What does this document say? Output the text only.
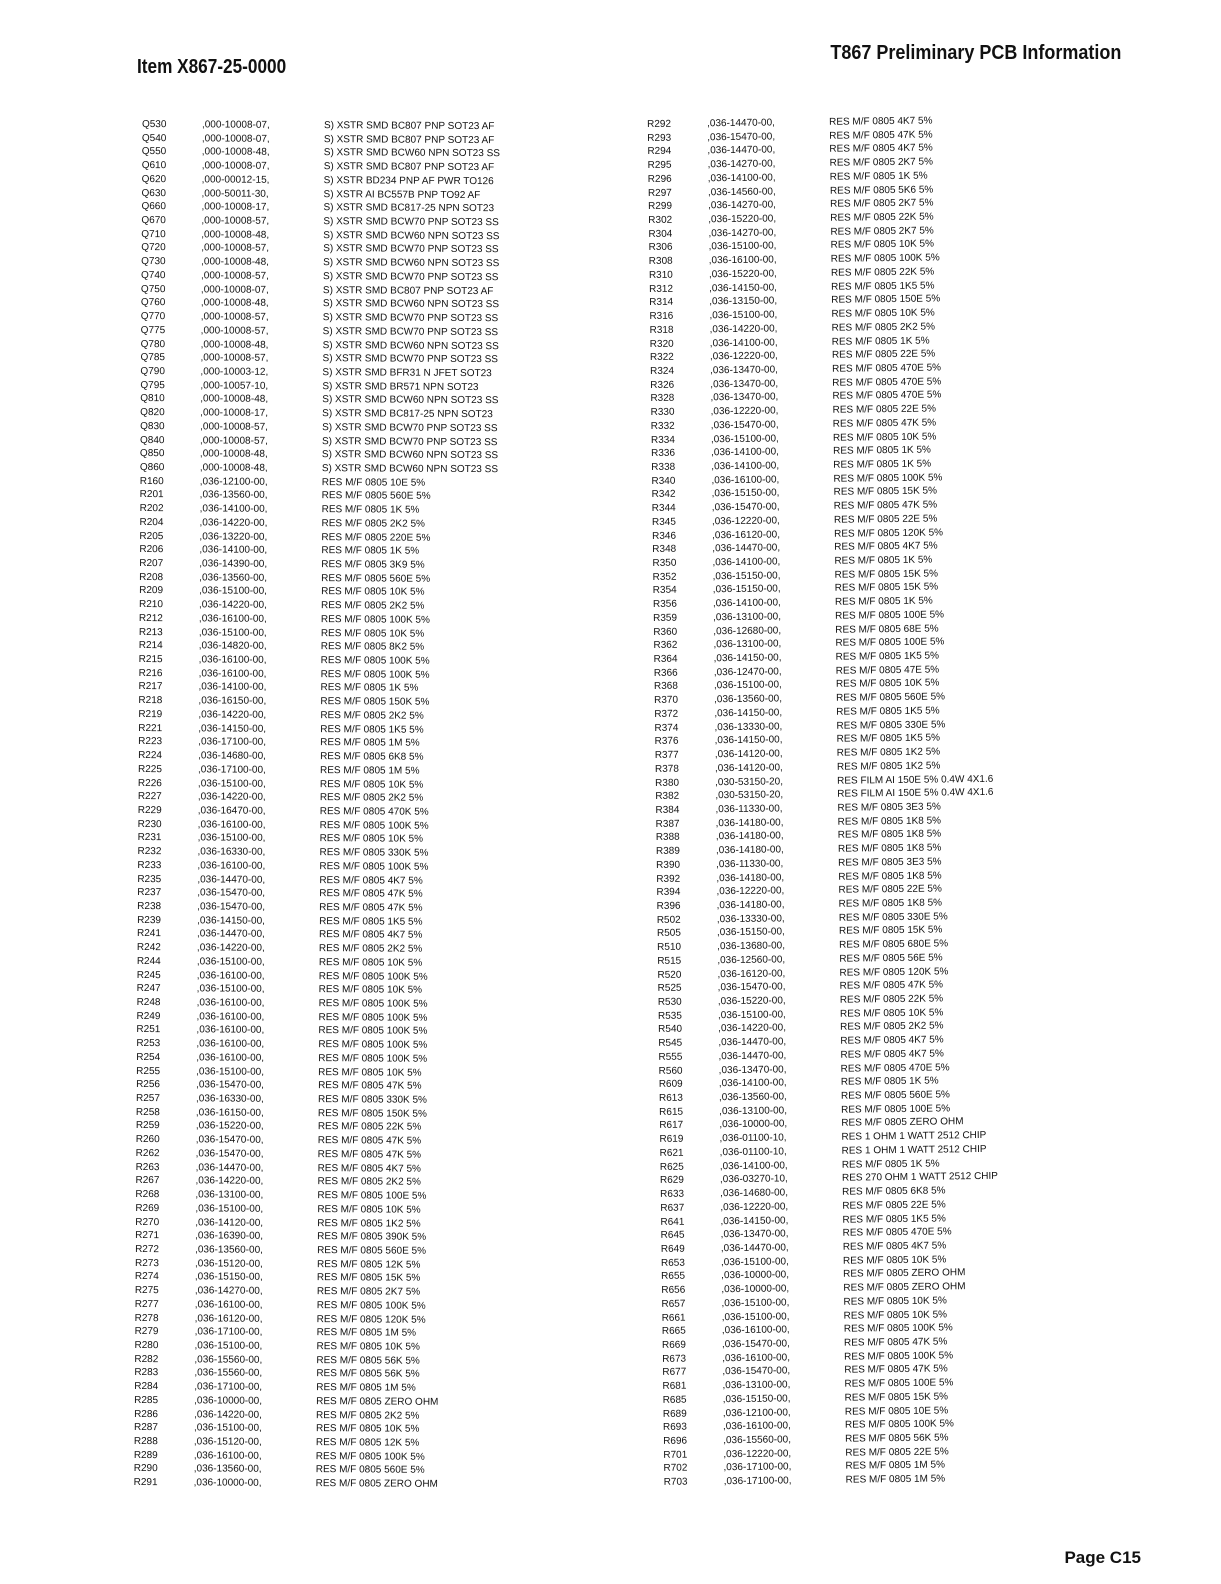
Item X867-25-0000
T867 Preliminary PCB Information
Q530	,000-10008-07,	S) XSTR SMD BC807 PNP SOT23 AF
Q540	,000-10008-07,	S) XSTR SMD BC807 PNP SOT23 AF
Q550	,000-10008-48,	S) XSTR SMD BCW60 NPN SOT23 SS
Q610	,000-10008-07,	S) XSTR SMD BC807 PNP SOT23 AF
Q620	,000-00012-15,	S) XSTR BD234 PNP AF PWR TO126
Q630	,000-50011-30,	S) XSTR AI BC557B PNP TO92 AF
Q660	,000-10008-17,	S) XSTR SMD BC817-25 NPN SOT23
Q670	,000-10008-57,	S) XSTR SMD BCW70 PNP SOT23 SS
Q710	,000-10008-48,	S) XSTR SMD BCW60 NPN SOT23 SS
Q720	,000-10008-57,	S) XSTR SMD BCW70 PNP SOT23 SS
Q730	,000-10008-48,	S) XSTR SMD BCW60 NPN SOT23 SS
Q740	,000-10008-57,	S) XSTR SMD BCW70 PNP SOT23 SS
Q750	,000-10008-07,	S) XSTR SMD BC807 PNP SOT23 AF
Q760	,000-10008-48,	S) XSTR SMD BCW60 NPN SOT23 SS
Q770	,000-10008-57,	S) XSTR SMD BCW70 PNP SOT23 SS
Q775	,000-10008-57,	S) XSTR SMD BCW70 PNP SOT23 SS
Q780	,000-10008-48,	S) XSTR SMD BCW60 NPN SOT23 SS
Q785	,000-10008-57,	S) XSTR SMD BCW70 PNP SOT23 SS
Q790	,000-10003-12,	S) XSTR SMD BFR31 N JFET SOT23
Q795	,000-10057-10,	S) XSTR SMD BR571 NPN SOT23
Q810	,000-10008-48,	S) XSTR SMD BCW60 NPN SOT23 SS
Q820	,000-10008-17,	S) XSTR SMD BC817-25 NPN SOT23
Q830	,000-10008-57,	S) XSTR SMD BCW70 PNP SOT23 SS
Q840	,000-10008-57,	S) XSTR SMD BCW70 PNP SOT23 SS
Q850	,000-10008-48,	S) XSTR SMD BCW60 NPN SOT23 SS
Q860	,000-10008-48,	S) XSTR SMD BCW60 NPN SOT23 SS
R160	,036-12100-00,	RES M/F 0805 10E 5%
R201	,036-13560-00,	RES M/F 0805 560E 5%
R202	,036-14100-00,	RES M/F 0805 1K 5%
R204	,036-14220-00,	RES M/F 0805 2K2 5%
R205	,036-13220-00,	RES M/F 0805 220E 5%
R206	,036-14100-00,	RES M/F 0805 1K 5%
R207	,036-14390-00,	RES M/F 0805 3K9 5%
R208	,036-13560-00,	RES M/F 0805 560E 5%
R209	,036-15100-00,	RES M/F 0805 10K 5%
R210	,036-14220-00,	RES M/F 0805 2K2 5%
R212	,036-16100-00,	RES M/F 0805 100K 5%
R213	,036-15100-00,	RES M/F 0805 10K 5%
R214	,036-14820-00,	RES M/F 0805 8K2 5%
R215	,036-16100-00,	RES M/F 0805 100K 5%
R216	,036-16100-00,	RES M/F 0805 100K 5%
R217	,036-14100-00,	RES M/F 0805 1K 5%
R218	,036-16150-00,	RES M/F 0805 150K 5%
R219	,036-14220-00,	RES M/F 0805 2K2 5%
R221	,036-14150-00,	RES M/F 0805 1K5 5%
R223	,036-17100-00,	RES M/F 0805 1M 5%
R224	,036-14680-00,	RES M/F 0805 6K8 5%
R225	,036-17100-00,	RES M/F 0805 1M 5%
R226	,036-15100-00,	RES M/F 0805 10K 5%
R227	,036-14220-00,	RES M/F 0805 2K2 5%
R229	,036-16470-00,	RES M/F 0805 470K 5%
R230	,036-16100-00,	RES M/F 0805 100K 5%
R231	,036-15100-00,	RES M/F 0805 10K 5%
R232	,036-16330-00,	RES M/F 0805 330K 5%
R233	,036-16100-00,	RES M/F 0805 100K 5%
R235	,036-14470-00,	RES M/F 0805 4K7 5%
R237	,036-15470-00,	RES M/F 0805 47K 5%
R238	,036-15470-00,	RES M/F 0805 47K 5%
R239	,036-14150-00,	RES M/F 0805 1K5 5%
R241	,036-14470-00,	RES M/F 0805 4K7 5%
R242	,036-14220-00,	RES M/F 0805 2K2 5%
R244	,036-15100-00,	RES M/F 0805 10K 5%
R245	,036-16100-00,	RES M/F 0805 100K 5%
R247	,036-15100-00,	RES M/F 0805 10K 5%
R248	,036-16100-00,	RES M/F 0805 100K 5%
R249	,036-16100-00,	RES M/F 0805 100K 5%
R251	,036-16100-00,	RES M/F 0805 100K 5%
R253	,036-16100-00,	RES M/F 0805 100K 5%
R254	,036-16100-00,	RES M/F 0805 100K 5%
R255	,036-15100-00,	RES M/F 0805 10K 5%
R256	,036-15470-00,	RES M/F 0805 47K 5%
R257	,036-16330-00,	RES M/F 0805 330K 5%
R258	,036-16150-00,	RES M/F 0805 150K 5%
R259	,036-15220-00,	RES M/F 0805 22K 5%
R260	,036-15470-00,	RES M/F 0805 47K 5%
R262	,036-15470-00,	RES M/F 0805 47K 5%
R263	,036-14470-00,	RES M/F 0805 4K7 5%
R267	,036-14220-00,	RES M/F 0805 2K2 5%
R268	,036-13100-00,	RES M/F 0805 100E 5%
R269	,036-15100-00,	RES M/F 0805 10K 5%
R270	,036-14120-00,	RES M/F 0805 1K2 5%
R271	,036-16390-00,	RES M/F 0805 390K 5%
R272	,036-13560-00,	RES M/F 0805 560E 5%
R273	,036-15120-00,	RES M/F 0805 12K 5%
R274	,036-15150-00,	RES M/F 0805 15K 5%
R275	,036-14270-00,	RES M/F 0805 2K7 5%
R277	,036-16100-00,	RES M/F 0805 100K 5%
R278	,036-16120-00,	RES M/F 0805 120K 5%
R279	,036-17100-00,	RES M/F 0805 1M 5%
R280	,036-15100-00,	RES M/F 0805 10K 5%
R282	,036-15560-00,	RES M/F 0805 56K 5%
R283	,036-15560-00,	RES M/F 0805 56K 5%
R284	,036-17100-00,	RES M/F 0805 1M 5%
R285	,036-10000-00,	RES M/F 0805 ZERO OHM
R286	,036-14220-00,	RES M/F 0805 2K2 5%
R287	,036-15100-00,	RES M/F 0805 10K 5%
R288	,036-15120-00,	RES M/F 0805 12K 5%
R289	,036-16100-00,	RES M/F 0805 100K 5%
R290	,036-13560-00,	RES M/F 0805 560E 5%
R291	,036-10000-00,	RES M/F 0805 ZERO OHM
R292	,036-14470-00,	RES M/F 0805 4K7 5%
R293	,036-15470-00,	RES M/F 0805 47K 5%
R294	,036-14470-00,	RES M/F 0805 4K7 5%
R295	,036-14270-00,	RES M/F 0805 2K7 5%
R296	,036-14100-00,	RES M/F 0805 1K 5%
R297	,036-14560-00,	RES M/F 0805 5K6 5%
R299	,036-14270-00,	RES M/F 0805 2K7 5%
R302	,036-15220-00,	RES M/F 0805 22K 5%
R304	,036-14270-00,	RES M/F 0805 2K7 5%
R306	,036-15100-00,	RES M/F 0805 10K 5%
R308	,036-16100-00,	RES M/F 0805 100K 5%
R310	,036-15220-00,	RES M/F 0805 22K 5%
R312	,036-14150-00,	RES M/F 0805 1K5 5%
R314	,036-13150-00,	RES M/F 0805 150E 5%
R316	,036-15100-00,	RES M/F 0805 10K 5%
R318	,036-14220-00,	RES M/F 0805 2K2 5%
R320	,036-14100-00,	RES M/F 0805 1K 5%
R322	,036-12220-00,	RES M/F 0805 22E 5%
R324	,036-13470-00,	RES M/F 0805 470E 5%
R326	,036-13470-00,	RES M/F 0805 470E 5%
R328	,036-13470-00,	RES M/F 0805 470E 5%
R330	,036-12220-00,	RES M/F 0805 22E 5%
R332	,036-15470-00,	RES M/F 0805 47K 5%
R334	,036-15100-00,	RES M/F 0805 10K 5%
R336	,036-14100-00,	RES M/F 0805 1K 5%
R338	,036-14100-00,	RES M/F 0805 1K 5%
R340	,036-16100-00,	RES M/F 0805 100K 5%
R342	,036-15150-00,	RES M/F 0805 15K 5%
R344	,036-15470-00,	RES M/F 0805 47K 5%
R345	,036-12220-00,	RES M/F 0805 22E 5%
R346	,036-16120-00,	RES M/F 0805 120K 5%
R348	,036-14470-00,	RES M/F 0805 4K7 5%
R350	,036-14100-00,	RES M/F 0805 1K 5%
R352	,036-15150-00,	RES M/F 0805 15K 5%
R354	,036-15150-00,	RES M/F 0805 15K 5%
R356	,036-14100-00,	RES M/F 0805 1K 5%
R359	,036-13100-00,	RES M/F 0805 100E 5%
R360	,036-12680-00,	RES M/F 0805 68E 5%
R362	,036-13100-00,	RES M/F 0805 100E 5%
R364	,036-14150-00,	RES M/F 0805 1K5 5%
R366	,036-12470-00,	RES M/F 0805 47E 5%
R368	,036-15100-00,	RES M/F 0805 10K 5%
R370	,036-13560-00,	RES M/F 0805 560E 5%
R372	,036-14150-00,	RES M/F 0805 1K5 5%
R374	,036-13330-00,	RES M/F 0805 330E 5%
R376	,036-14150-00,	RES M/F 0805 1K5 5%
R377	,036-14120-00,	RES M/F 0805 1K2 5%
R378	,036-14120-00,	RES M/F 0805 1K2 5%
R380	,030-53150-20,	RES FILM AI 150E 5% 0.4W 4X1.6
R382	,030-53150-20,	RES FILM AI 150E 5% 0.4W 4X1.6
R384	,036-11330-00,	RES M/F 0805 3E3 5%
R387	,036-14180-00,	RES M/F 0805 1K8 5%
R388	,036-14180-00,	RES M/F 0805 1K8 5%
R389	,036-14180-00,	RES M/F 0805 1K8 5%
R390	,036-11330-00,	RES M/F 0805 3E3 5%
R392	,036-14180-00,	RES M/F 0805 1K8 5%
R394	,036-12220-00,	RES M/F 0805 22E 5%
R396	,036-14180-00,	RES M/F 0805 1K8 5%
R502	,036-13330-00,	RES M/F 0805 330E 5%
R505	,036-15150-00,	RES M/F 0805 15K 5%
R510	,036-13680-00,	RES M/F 0805 680E 5%
R515	,036-12560-00,	RES M/F 0805 56E 5%
R520	,036-16120-00,	RES M/F 0805 120K 5%
R525	,036-15470-00,	RES M/F 0805 47K 5%
R530	,036-15220-00,	RES M/F 0805 22K 5%
R535	,036-15100-00,	RES M/F 0805 10K 5%
R540	,036-14220-00,	RES M/F 0805 2K2 5%
R545	,036-14470-00,	RES M/F 0805 4K7 5%
R555	,036-14470-00,	RES M/F 0805 4K7 5%
R560	,036-13470-00,	RES M/F 0805 470E 5%
R609	,036-14100-00,	RES M/F 0805 1K 5%
R613	,036-13560-00,	RES M/F 0805 560E 5%
R615	,036-13100-00,	RES M/F 0805 100E 5%
R617	,036-10000-00,	RES M/F 0805 ZERO OHM
R619	,036-01100-10,	RES 1 OHM 1 WATT 2512 CHIP
R621	,036-01100-10,	RES 1 OHM 1 WATT 2512 CHIP
R625	,036-14100-00,	RES M/F 0805 1K 5%
R629	,036-03270-10,	RES 270 OHM 1 WATT 2512 CHIP
R633	,036-14680-00,	RES M/F 0805 6K8 5%
R637	,036-12220-00,	RES M/F 0805 22E 5%
R641	,036-14150-00,	RES M/F 0805 1K5 5%
R645	,036-13470-00,	RES M/F 0805 470E 5%
R649	,036-14470-00,	RES M/F 0805 4K7 5%
R653	,036-15100-00,	RES M/F 0805 10K 5%
R655	,036-10000-00,	RES M/F 0805 ZERO OHM
R656	,036-10000-00,	RES M/F 0805 ZERO OHM
R657	,036-15100-00,	RES M/F 0805 10K 5%
R661	,036-15100-00,	RES M/F 0805 10K 5%
R665	,036-16100-00,	RES M/F 0805 100K 5%
R669	,036-15470-00,	RES M/F 0805 47K 5%
R673	,036-16100-00,	RES M/F 0805 100K 5%
R677	,036-15470-00,	RES M/F 0805 47K 5%
R681	,036-13100-00,	RES M/F 0805 100E 5%
R685	,036-15150-00,	RES M/F 0805 15K 5%
R689	,036-12100-00,	RES M/F 0805 10E 5%
R693	,036-16100-00,	RES M/F 0805 100K 5%
R696	,036-15560-00,	RES M/F 0805 56K 5%
R701	,036-12220-00,	RES M/F 0805 22E 5%
R702	,036-17100-00,	RES M/F 0805 1M 5%
R703	,036-17100-00,	RES M/F 0805 1M 5%
Page C15
